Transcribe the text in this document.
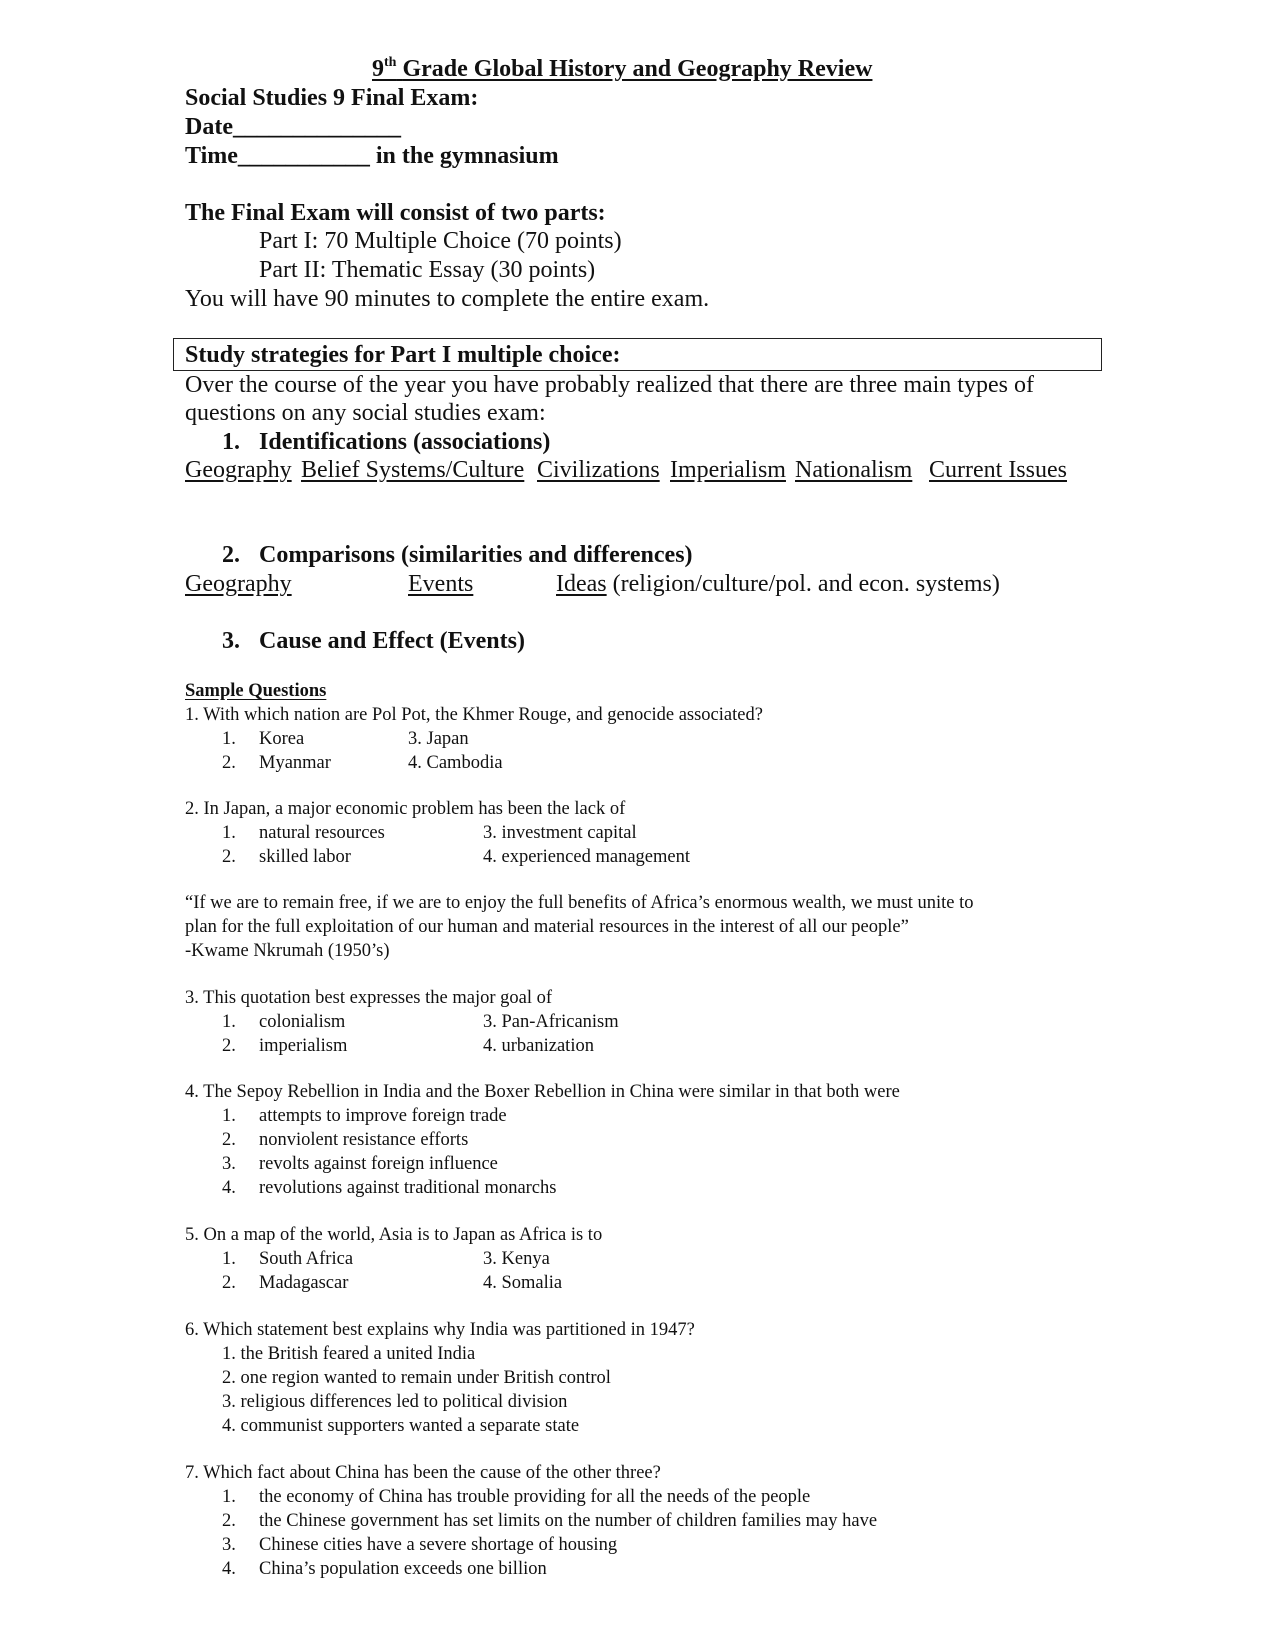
9th Grade Global History and Geography Review
Social Studies 9 Final Exam:
Date______________
Time___________ in the gymnasium
The Final Exam will consist of two parts:
Part I: 70 Multiple Choice (70 points)
Part II: Thematic Essay (30 points)
You will have 90 minutes to complete the entire exam.
Study strategies for Part I multiple choice:
Over the course of the year you have probably realized that there are three main types of
questions on any social studies exam:
1. Identifications (associations)
Geography Belief Systems/Culture Civilizations Imperialism Nationalism Current Issues
2. Comparisons (similarities and differences)
Geography	Events	Ideas (religion/culture/pol. and econ. systems)
3. Cause and Effect (Events)
Sample Questions
1. With which nation are Pol Pot, the Khmer Rouge, and genocide associated?
1. Korea	3. Japan
2. Myanmar	4. Cambodia
2. In Japan, a major economic problem has been the lack of
1. natural resources	3. investment capital
2. skilled labor	4. experienced management
“If we are to remain free, if we are to enjoy the full benefits of Africa’s enormous wealth, we must unite to
plan for the full exploitation of our human and material resources in the interest of all our people”
-Kwame Nkrumah (1950’s)
3. This quotation best expresses the major goal of
1. colonialism	3. Pan-Africanism
2. imperialism	4. urbanization
4. The Sepoy Rebellion in India and the Boxer Rebellion in China were similar in that both were
1. attempts to improve foreign trade
2. nonviolent resistance efforts
3. revolts against foreign influence
4. revolutions against traditional monarchs
5. On a map of the world, Asia is to Japan as Africa is to
1. South Africa	3. Kenya
2. Madagascar	4. Somalia
6. Which statement best explains why India was partitioned in 1947?
1. the British feared a united India
2. one region wanted to remain under British control
3. religious differences led to political division
4. communist supporters wanted a separate state
7. Which fact about China has been the cause of the other three?
1. the economy of China has trouble providing for all the needs of the people
2. the Chinese government has set limits on the number of children families may have
3. Chinese cities have a severe shortage of housing
4. China’s population exceeds one billion
